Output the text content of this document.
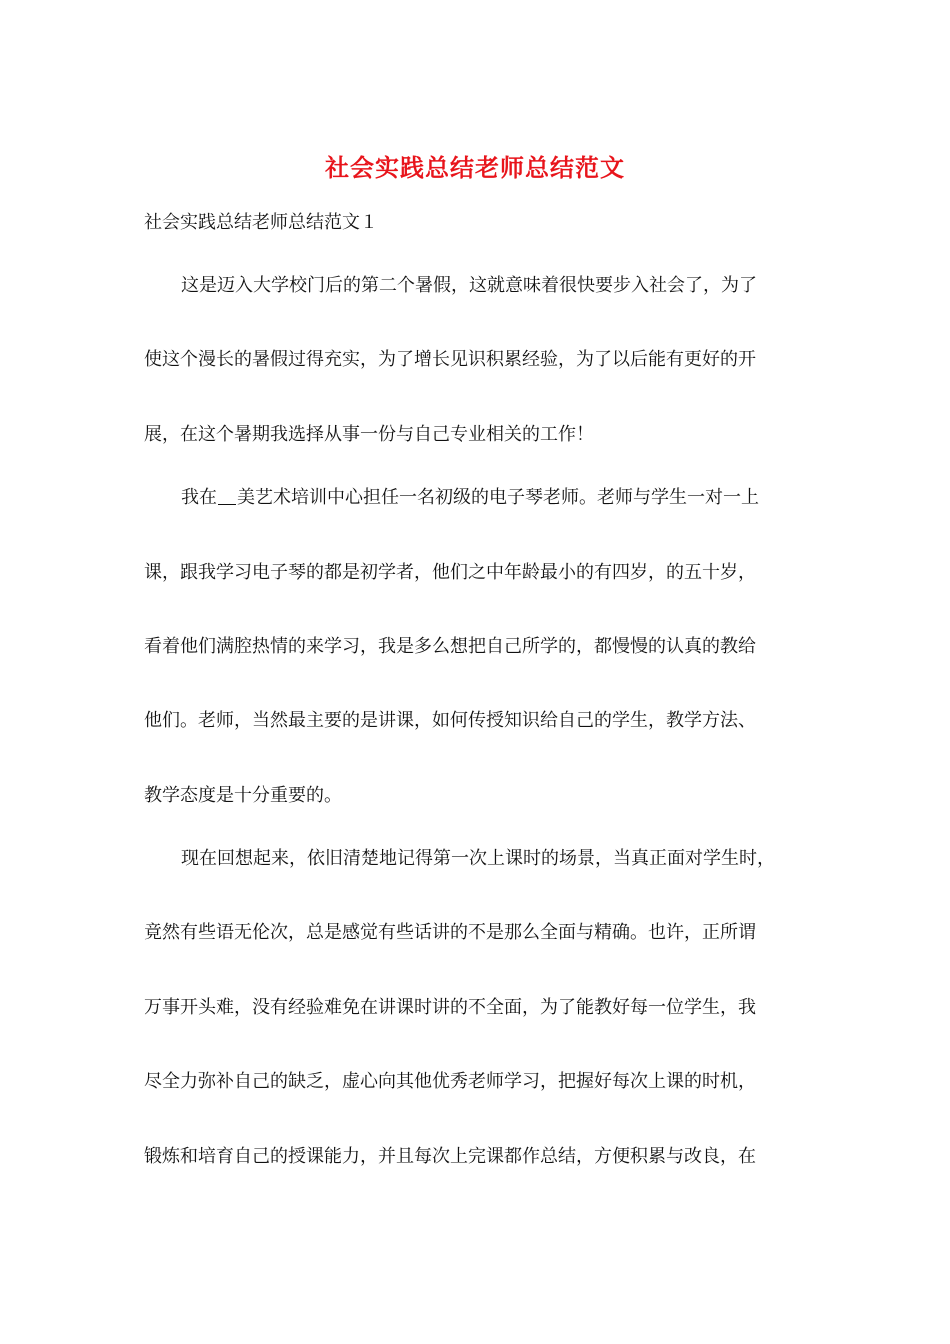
社会实践总结老师总结范文
社会实践总结老师总结范文１
这是迈入大学校门后的第二个暑假，这就意味着很快要步入社会了，为了
使这个漫长的暑假过得充实，为了增长见识积累经验，为了以后能有更好的开
展，在这个暑期我选择从事一份与自己专业相关的工作！
我在 美艺术培训中心担任一名初级的电子琴老师。老师与学生一对一上
课，跟我学习电子琴的都是初学者，他们之中年龄最小的有四岁，的五十岁，
看着他们满腔热情的来学习，我是多么想把自己所学的，都慢慢的认真的教给
他们。老师，当然最主要的是讲课，如何传授知识给自己的学生，教学方法、
教学态度是十分重要的。
现在回想起来，依旧清楚地记得第一次上课时的场景，当真正面对学生时，
竟然有些语无伦次，总是感觉有些话讲的不是那么全面与精确。也许，正所谓
万事开头难，没有经验难免在讲课时讲的不全面，为了能教好每一位学生，我
尽全力弥补自己的缺乏，虚心向其他优秀老师学习，把握好每次上课的时机，
锻炼和培育自己的授课能力，并且每次上完课都作总结，方便积累与改良，在
